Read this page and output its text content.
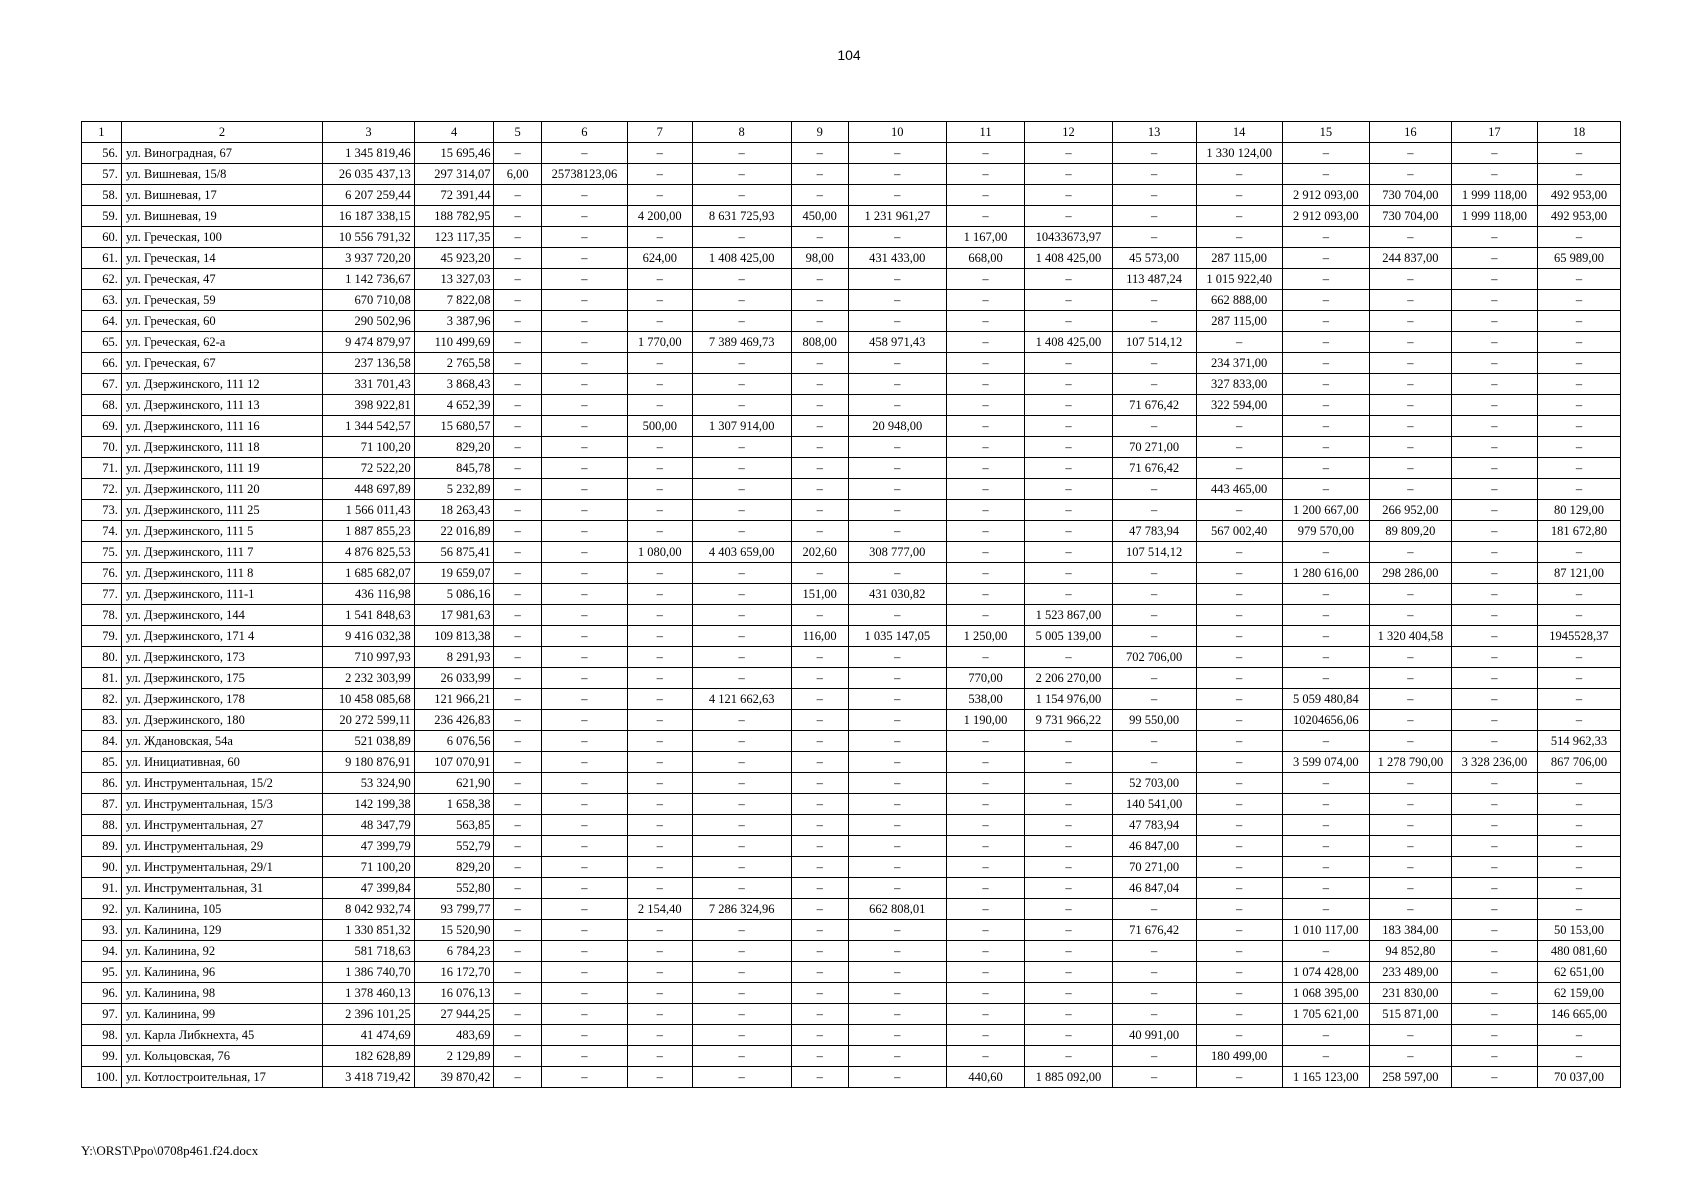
104
1	2	3	4	5	6	7	8	9	10	11	12	13	14	15	16	17	18
56.	ул. Виноградная, 67	1 345 819,46	15 695,46	–	–	–	–	–	–	–	–	–	1 330 124,00	–	–	–	–
57.	ул. Вишневая, 15/8	26 035 437,13	297 314,07	6,00	25738123,06	–	–	–	–	–	–	–	–	–	–	–	–
58.	ул. Вишневая, 17	6 207 259,44	72 391,44	–	–	–	–	–	–	–	–	–	–	2 912 093,00	730 704,00	1 999 118,00	492 953,00
59.	ул. Вишневая, 19	16 187 338,15	188 782,95	–	–	4 200,00	8 631 725,93	450,00	1 231 961,27	–	–	–	–	2 912 093,00	730 704,00	1 999 118,00	492 953,00
60.	ул. Греческая, 100	10 556 791,32	123 117,35	–	–	–	–	–	–	1 167,00	10433673,97	–	–	–	–	–	–
61.	ул. Греческая, 14	3 937 720,20	45 923,20	–	–	624,00	1 408 425,00	98,00	431 433,00	668,00	1 408 425,00	45 573,00	287 115,00	–	244 837,00	–	65 989,00
62.	ул. Греческая, 47	1 142 736,67	13 327,03	–	–	–	–	–	–	–	–	113 487,24	1 015 922,40	–	–	–	–
63.	ул. Греческая, 59	670 710,08	7 822,08	–	–	–	–	–	–	–	–	–	662 888,00	–	–	–	–
64.	ул. Греческая, 60	290 502,96	3 387,96	–	–	–	–	–	–	–	–	–	287 115,00	–	–	–	–
65.	ул. Греческая, 62-а	9 474 879,97	110 499,69	–	–	1 770,00	7 389 469,73	808,00	458 971,43	–	1 408 425,00	107 514,12	–	–	–	–	–
66.	ул. Греческая, 67	237 136,58	2 765,58	–	–	–	–	–	–	–	–	–	234 371,00	–	–	–	–
67.	ул. Дзержинского, 111 12	331 701,43	3 868,43	–	–	–	–	–	–	–	–	–	327 833,00	–	–	–	–
68.	ул. Дзержинского, 111 13	398 922,81	4 652,39	–	–	–	–	–	–	–	–	71 676,42	322 594,00	–	–	–	–
69.	ул. Дзержинского, 111 16	1 344 542,57	15 680,57	–	–	500,00	1 307 914,00	–	20 948,00	–	–	–	–	–	–	–	–
70.	ул. Дзержинского, 111 18	71 100,20	829,20	–	–	–	–	–	–	–	–	70 271,00	–	–	–	–	–
71.	ул. Дзержинского, 111 19	72 522,20	845,78	–	–	–	–	–	–	–	–	71 676,42	–	–	–	–	–
72.	ул. Дзержинского, 111 20	448 697,89	5 232,89	–	–	–	–	–	–	–	–	–	443 465,00	–	–	–	–
73.	ул. Дзержинского, 111 25	1 566 011,43	18 263,43	–	–	–	–	–	–	–	–	–	–	1 200 667,00	266 952,00	–	80 129,00
74.	ул. Дзержинского, 111 5	1 887 855,23	22 016,89	–	–	–	–	–	–	–	–	47 783,94	567 002,40	979 570,00	89 809,20	–	181 672,80
75.	ул. Дзержинского, 111 7	4 876 825,53	56 875,41	–	–	1 080,00	4 403 659,00	202,60	308 777,00	–	–	107 514,12	–	–	–	–	–
76.	ул. Дзержинского, 111 8	1 685 682,07	19 659,07	–	–	–	–	–	–	–	–	–	–	1 280 616,00	298 286,00	–	87 121,00
77.	ул. Дзержинского, 111-1	436 116,98	5 086,16	–	–	–	–	151,00	431 030,82	–	–	–	–	–	–	–	–
78.	ул. Дзержинского, 144	1 541 848,63	17 981,63	–	–	–	–	–	–	–	1 523 867,00	–	–	–	–	–	–
79.	ул. Дзержинского, 171 4	9 416 032,38	109 813,38	–	–	–	–	116,00	1 035 147,05	1 250,00	5 005 139,00	–	–	–	1 320 404,58	–	1945528,37
80.	ул. Дзержинского, 173	710 997,93	8 291,93	–	–	–	–	–	–	–	–	702 706,00	–	–	–	–	–
81.	ул. Дзержинского, 175	2 232 303,99	26 033,99	–	–	–	–	–	–	770,00	2 206 270,00	–	–	–	–	–	–
82.	ул. Дзержинского, 178	10 458 085,68	121 966,21	–	–	–	4 121 662,63	–	–	538,00	1 154 976,00	–	–	5 059 480,84	–	–	–
83.	ул. Дзержинского, 180	20 272 599,11	236 426,83	–	–	–	–	–	–	1 190,00	9 731 966,22	99 550,00	–	10204656,06	–	–	–
84.	ул. Ждановская, 54а	521 038,89	6 076,56	–	–	–	–	–	–	–	–	–	–	–	–	–	514 962,33
85.	ул. Инициативная, 60	9 180 876,91	107 070,91	–	–	–	–	–	–	–	–	–	–	3 599 074,00	1 278 790,00	3 328 236,00	867 706,00
86.	ул. Инструментальная, 15/2	53 324,90	621,90	–	–	–	–	–	–	–	–	52 703,00	–	–	–	–	–
87.	ул. Инструментальная, 15/3	142 199,38	1 658,38	–	–	–	–	–	–	–	–	140 541,00	–	–	–	–	–
88.	ул. Инструментальная, 27	48 347,79	563,85	–	–	–	–	–	–	–	–	47 783,94	–	–	–	–	–
89.	ул. Инструментальная, 29	47 399,79	552,79	–	–	–	–	–	–	–	–	46 847,00	–	–	–	–	–
90.	ул. Инструментальная, 29/1	71 100,20	829,20	–	–	–	–	–	–	–	–	70 271,00	–	–	–	–	–
91.	ул. Инструментальная, 31	47 399,84	552,80	–	–	–	–	–	–	–	–	46 847,04	–	–	–	–	–
92.	ул. Калинина, 105	8 042 932,74	93 799,77	–	–	2 154,40	7 286 324,96	–	662 808,01	–	–	–	–	–	–	–	–
93.	ул. Калинина, 129	1 330 851,32	15 520,90	–	–	–	–	–	–	–	–	71 676,42	–	1 010 117,00	183 384,00	–	50 153,00
94.	ул. Калинина, 92	581 718,63	6 784,23	–	–	–	–	–	–	–	–	–	–	–	94 852,80	–	480 081,60
95.	ул. Калинина, 96	1 386 740,70	16 172,70	–	–	–	–	–	–	–	–	–	–	1 074 428,00	233 489,00	–	62 651,00
96.	ул. Калинина, 98	1 378 460,13	16 076,13	–	–	–	–	–	–	–	–	–	–	1 068 395,00	231 830,00	–	62 159,00
97.	ул. Калинина, 99	2 396 101,25	27 944,25	–	–	–	–	–	–	–	–	–	–	1 705 621,00	515 871,00	–	146 665,00
98.	ул. Карла Либкнехта, 45	41 474,69	483,69	–	–	–	–	–	–	–	–	40 991,00	–	–	–	–	–
99.	ул. Кольцовская, 76	182 628,89	2 129,89	–	–	–	–	–	–	–	–	–	180 499,00	–	–	–	–
100.	ул. Котлостроительная, 17	3 418 719,42	39 870,42	–	–	–	–	–	–	440,60	1 885 092,00	–	–	1 165 123,00	258 597,00	–	70 037,00
Y:\ORST\Ppo\0708p461.f24.docx
